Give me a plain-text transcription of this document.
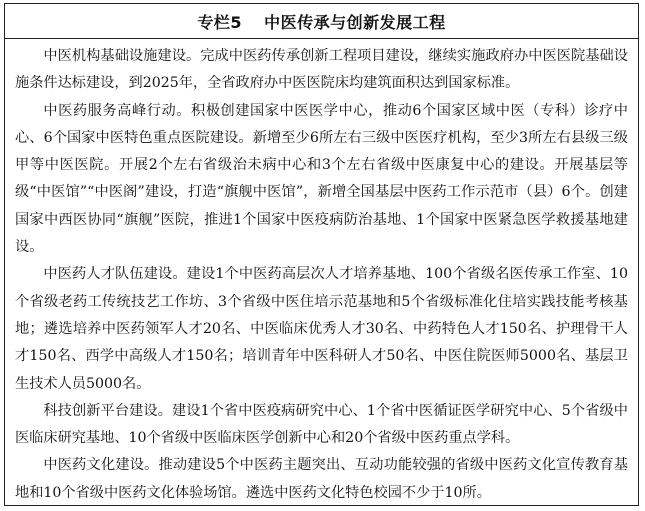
专栏5 中医传承与创新发展工程

中医机构基础设施建设。完成中医药传承创新工程项目建设，继续实施政府办中医医院基础设施条件达标建设，到2025年，全省政府办中医医院床均建筑面积达到国家标准。

中医药服务高峰行动。积极创建国家中医医学中心，推动6个国家区域中医（专科）诊疗中心、6个国家中医特色重点医院建设。新增至少6所左右三级中医医疗机构，至少3所左右县级三级甲等中医医院。开展2个左右省级治未病中心和3个左右省级中医康复中心的建设。开展基层等级“中医馆”“中医阁”建设，打造“旗舰中医馆”，新增全国基层中医药工作示范市（县）6个。创建国家中西医协同“旗舰”医院，推进1个国家中医疫病防治基地、1个国家中医紧急医学救援基地建设。

中医药人才队伍建设。建设1个中医药高层次人才培养基地、100个省级名医传承工作室、10个省级老药工传统技艺工作坊、3个省级中医住培示范基地和5个省级标准化住培实践技能考核基地；遴选培养中医药领军人才20名、中医临床优秀人才30名、中药特色人才150名、护理骨干人才150名、西学中高级人才150名；培训青年中医科研人才50名、中医住院医师5000名、基层卫生技术人员5000名。

科技创新平台建设。建设1个省中医疫病研究中心、1个省中医循证医学研究中心、5个省级中医临床研究基地、10个省级中医临床医学创新中心和20个省级中医药重点学科。

中医药文化建设。推动建设5个中医药主题突出、互动功能较强的省级中医药文化宣传教育基地和10个省级中医药文化体验场馆。遴选中医药文化特色校园不少于10所。
